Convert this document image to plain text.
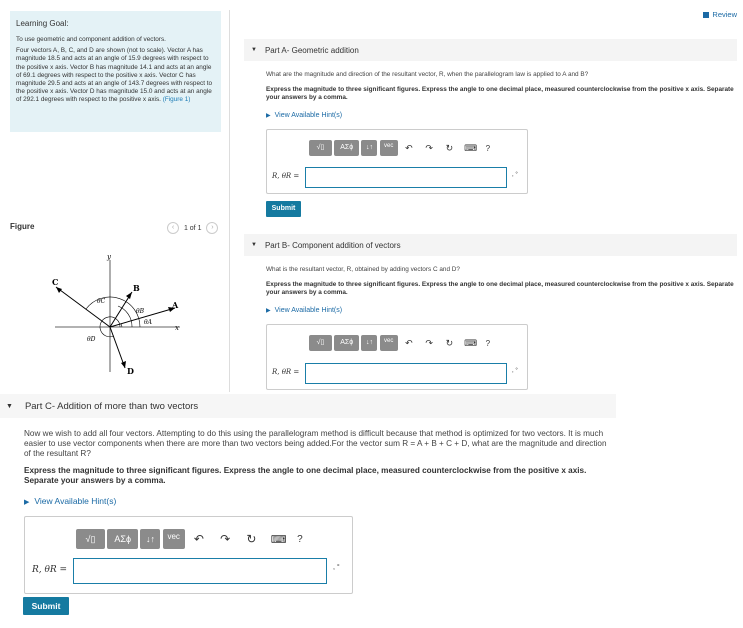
Review
Learning Goal:
To use geometric and component addition of vectors.
Four vectors A, B, C, and D are shown (not to scale). Vector A has magnitude 18.5 and acts at an angle of 15.9 degrees with respect to the positive x axis. Vector B has magnitude 14.1 and acts at an angle of 69.1 degrees with respect to the positive x axis. Vector C has magnitude 29.5 and acts at an angle of 143.7 degrees with respect to the positive x axis. Vector D has magnitude 15.0 and acts at an angle of 292.1 degrees with respect to the positive x axis. (Figure 1)
Figure	‹ 1 of 1 ›
y
x
A
B
C
D
θC
θB
θA
θD
▼ Part A - Geometric addition
What are the magnitude and direction of the resultant vector, R, when the parallelogram law is applied to A and B?
Express the magnitude to three significant figures. Express the angle to one decimal place, measured counterclockwise from the positive x axis. Separate your answers by a comma.
▶ View Available Hint(s)
√▯ ΑΣϕ ↓↑ vec ↶ ↷ ↻ ⌨ ?
R, θR =	, °
Submit
▼ Part B - Component addition of vectors
What is the resultant vector, R, obtained by adding vectors C and D?
Express the magnitude to three significant figures. Express the angle to one decimal place, measured counterclockwise from the positive x axis. Separate your answers by a comma.
▶ View Available Hint(s)
√▯ ΑΣϕ ↓↑ vec ↶ ↷ ↻ ⌨ ?
R, θR =	, °
▼ Part C - Addition of more than two vectors
Now we wish to add all four vectors. Attempting to do this using the parallelogram method is difficult because that method is optimized for two vectors. It is much easier to use vector components when there are more than two vectors being added.For the vector sum R = A + B + C + D, what are the magnitude and direction of the resultant R?
Express the magnitude to three significant figures. Express the angle to one decimal place, measured counterclockwise from the positive x axis. Separate your answers by a comma.
▶ View Available Hint(s)
√▯ ΑΣϕ ↓↑ vec ↶ ↷ ↻ ⌨ ?
R, θR =	, °
Submit
